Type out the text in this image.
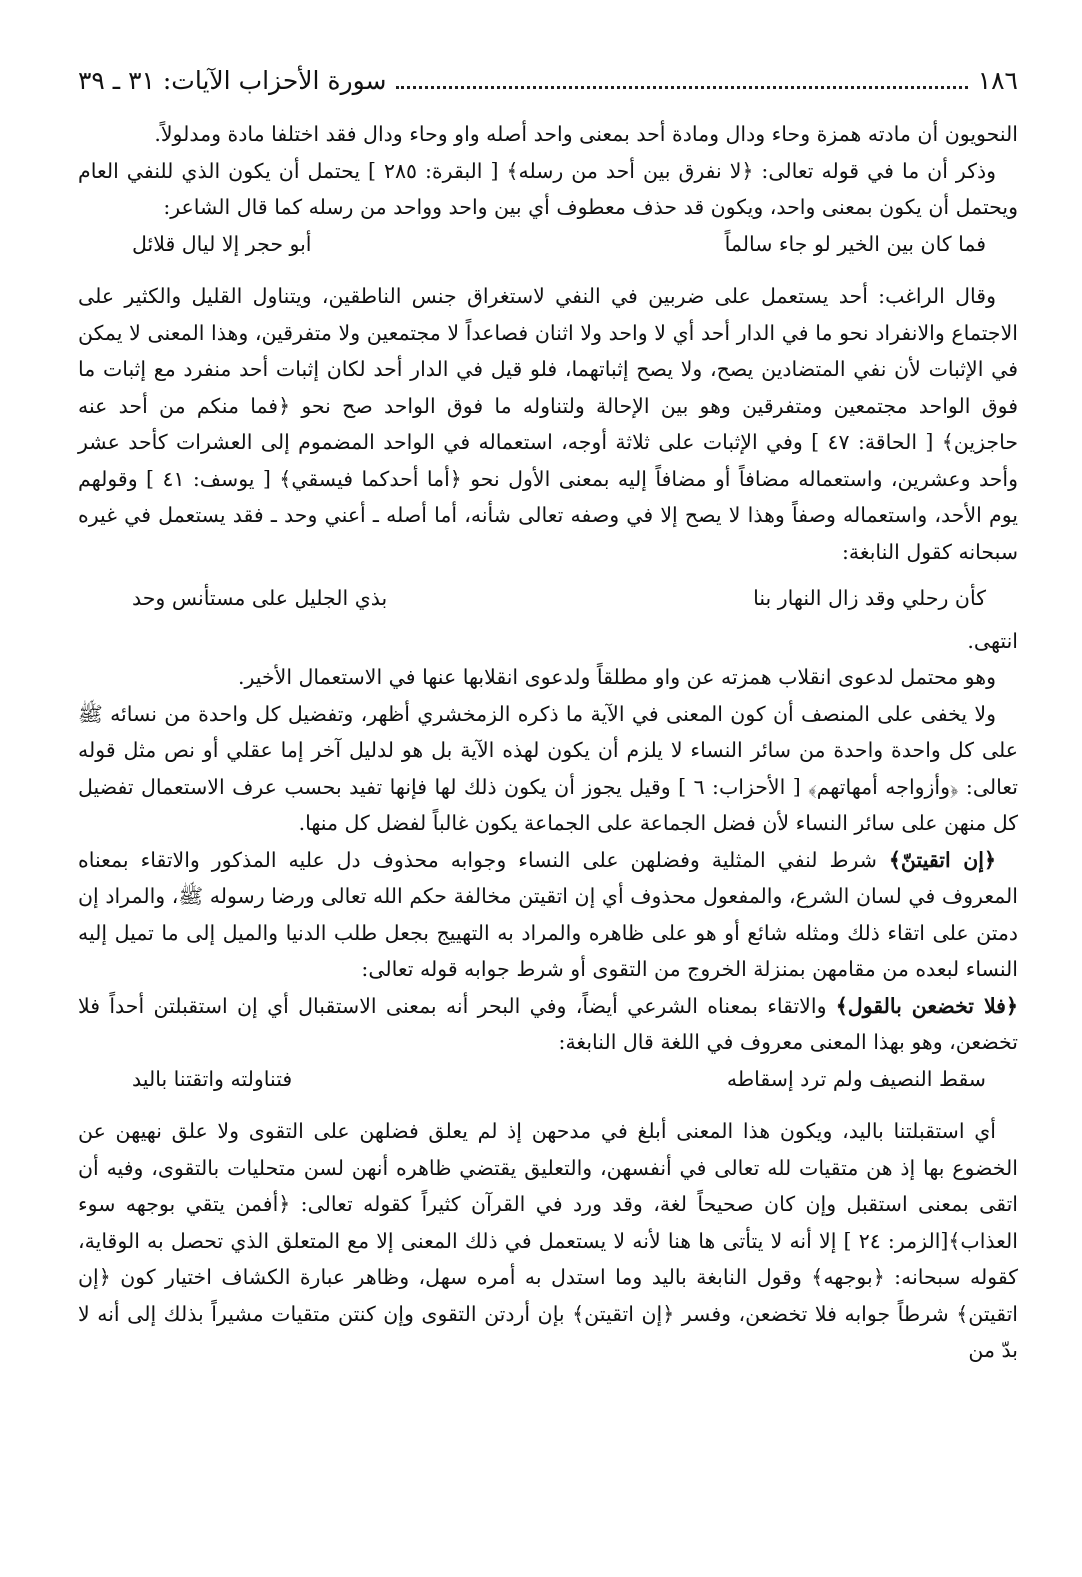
١٨٦
سورة الأحزاب الآيات: ٣١ ـ ٣٩

النحويون أن مادته همزة وحاء ودال ومادة أحد بمعنى واحد أصله واو وحاء ودال فقد اختلفا مادة ومدلولاً.

وذكر أن ما في قوله تعالى: ﴿لا نفرق بين أحد من رسله﴾ [ البقرة: ٢٨٥ ] يحتمل أن يكون الذي للنفي العام ويحتمل أن يكون بمعنى واحد، ويكون قد حذف معطوف أي بين واحد وواحد من رسله كما قال الشاعر:

فما كان بين الخير لو جاء سالماً
أبو حجر إلا ليال قلائل

وقال الراغب: أحد يستعمل على ضربين في النفي لاستغراق جنس الناطقين، ويتناول القليل والكثير على الاجتماع والانفراد نحو ما في الدار أحد أي لا واحد ولا اثنان فصاعداً لا مجتمعين ولا متفرقين، وهذا المعنى لا يمكن في الإثبات لأن نفي المتضادين يصح، ولا يصح إثباتهما، فلو قيل في الدار أحد لكان إثبات أحد منفرد مع إثبات ما فوق الواحد مجتمعين ومتفرقين وهو بين الإحالة ولتناوله ما فوق الواحد صح نحو ﴿فما منكم من أحد عنه حاجزين﴾ [ الحاقة: ٤٧ ] وفي الإثبات على ثلاثة أوجه، استعماله في الواحد المضموم إلى العشرات كأحد عشر وأحد وعشرين، واستعماله مضافاً أو مضافاً إليه بمعنى الأول نحو ﴿أما أحدكما فيسقي﴾ [ يوسف: ٤١ ] وقولهم يوم الأحد، واستعماله وصفاً وهذا لا يصح إلا في وصفه تعالى شأنه، أما أصله ـ أعني وحد ـ فقد يستعمل في غيره سبحانه كقول النابغة:

كأن رحلي وقد زال النهار بنا
بذي الجليل على مستأنس وحد

انتهى.

وهو محتمل لدعوى انقلاب همزته عن واو مطلقاً ولدعوى انقلابها عنها في الاستعمال الأخير.

ولا يخفى على المنصف أن كون المعنى في الآية ما ذكره الزمخشري أظهر، وتفضيل كل واحدة من نسائه ﷺ على كل واحدة واحدة من سائر النساء لا يلزم أن يكون لهذه الآية بل هو لدليل آخر إما عقلي أو نص مثل قوله تعالى: ﴿وأزواجه أمهاتهم﴾ [ الأحزاب: ٦ ] وقيل يجوز أن يكون ذلك لها فإنها تفيد بحسب عرف الاستعمال تفضيل كل منهن على سائر النساء لأن فضل الجماعة على الجماعة يكون غالباً لفضل كل منها.

﴿إن اتقيتنّ﴾ شرط لنفي المثلية وفضلهن على النساء وجوابه محذوف دل عليه المذكور والاتقاء بمعناه المعروف في لسان الشرع، والمفعول محذوف أي إن اتقيتن مخالفة حكم الله تعالى ورضا رسوله ﷺ، والمراد إن دمتن على اتقاء ذلك ومثله شائع أو هو على ظاهره والمراد به التهييج بجعل طلب الدنيا والميل إلى ما تميل إليه النساء لبعده من مقامهن بمنزلة الخروج من التقوى أو شرط جوابه قوله تعالى:

﴿فلا تخضعن بالقول﴾ والاتقاء بمعناه الشرعي أيضاً، وفي البحر أنه بمعنى الاستقبال أي إن استقبلتن أحداً فلا تخضعن، وهو بهذا المعنى معروف في اللغة قال النابغة:

سقط النصيف ولم ترد إسقاطه
فتناولته واتقتنا باليد

أي استقبلتنا باليد، ويكون هذا المعنى أبلغ في مدحهن إذ لم يعلق فضلهن على التقوى ولا علق نهيهن عن الخضوع بها إذ هن متقيات لله تعالى في أنفسهن، والتعليق يقتضي ظاهره أنهن لسن متحليات بالتقوى، وفيه أن اتقى بمعنى استقبل وإن كان صحيحاً لغة، وقد ورد في القرآن كثيراً كقوله تعالى: ﴿أفمن يتقي بوجهه سوء العذاب﴾[الزمر: ٢٤ ] إلا أنه لا يتأتى ها هنا لأنه لا يستعمل في ذلك المعنى إلا مع المتعلق الذي تحصل به الوقاية، كقوله سبحانه: ﴿بوجهه﴾ وقول النابغة باليد وما استدل به أمره سهل، وظاهر عبارة الكشاف اختيار كون ﴿إن اتقيتن﴾ شرطاً جوابه فلا تخضعن، وفسر ﴿إن اتقيتن﴾ بإن أردتن التقوى وإن كنتن متقيات مشيراً بذلك إلى أنه لا بدّ من
